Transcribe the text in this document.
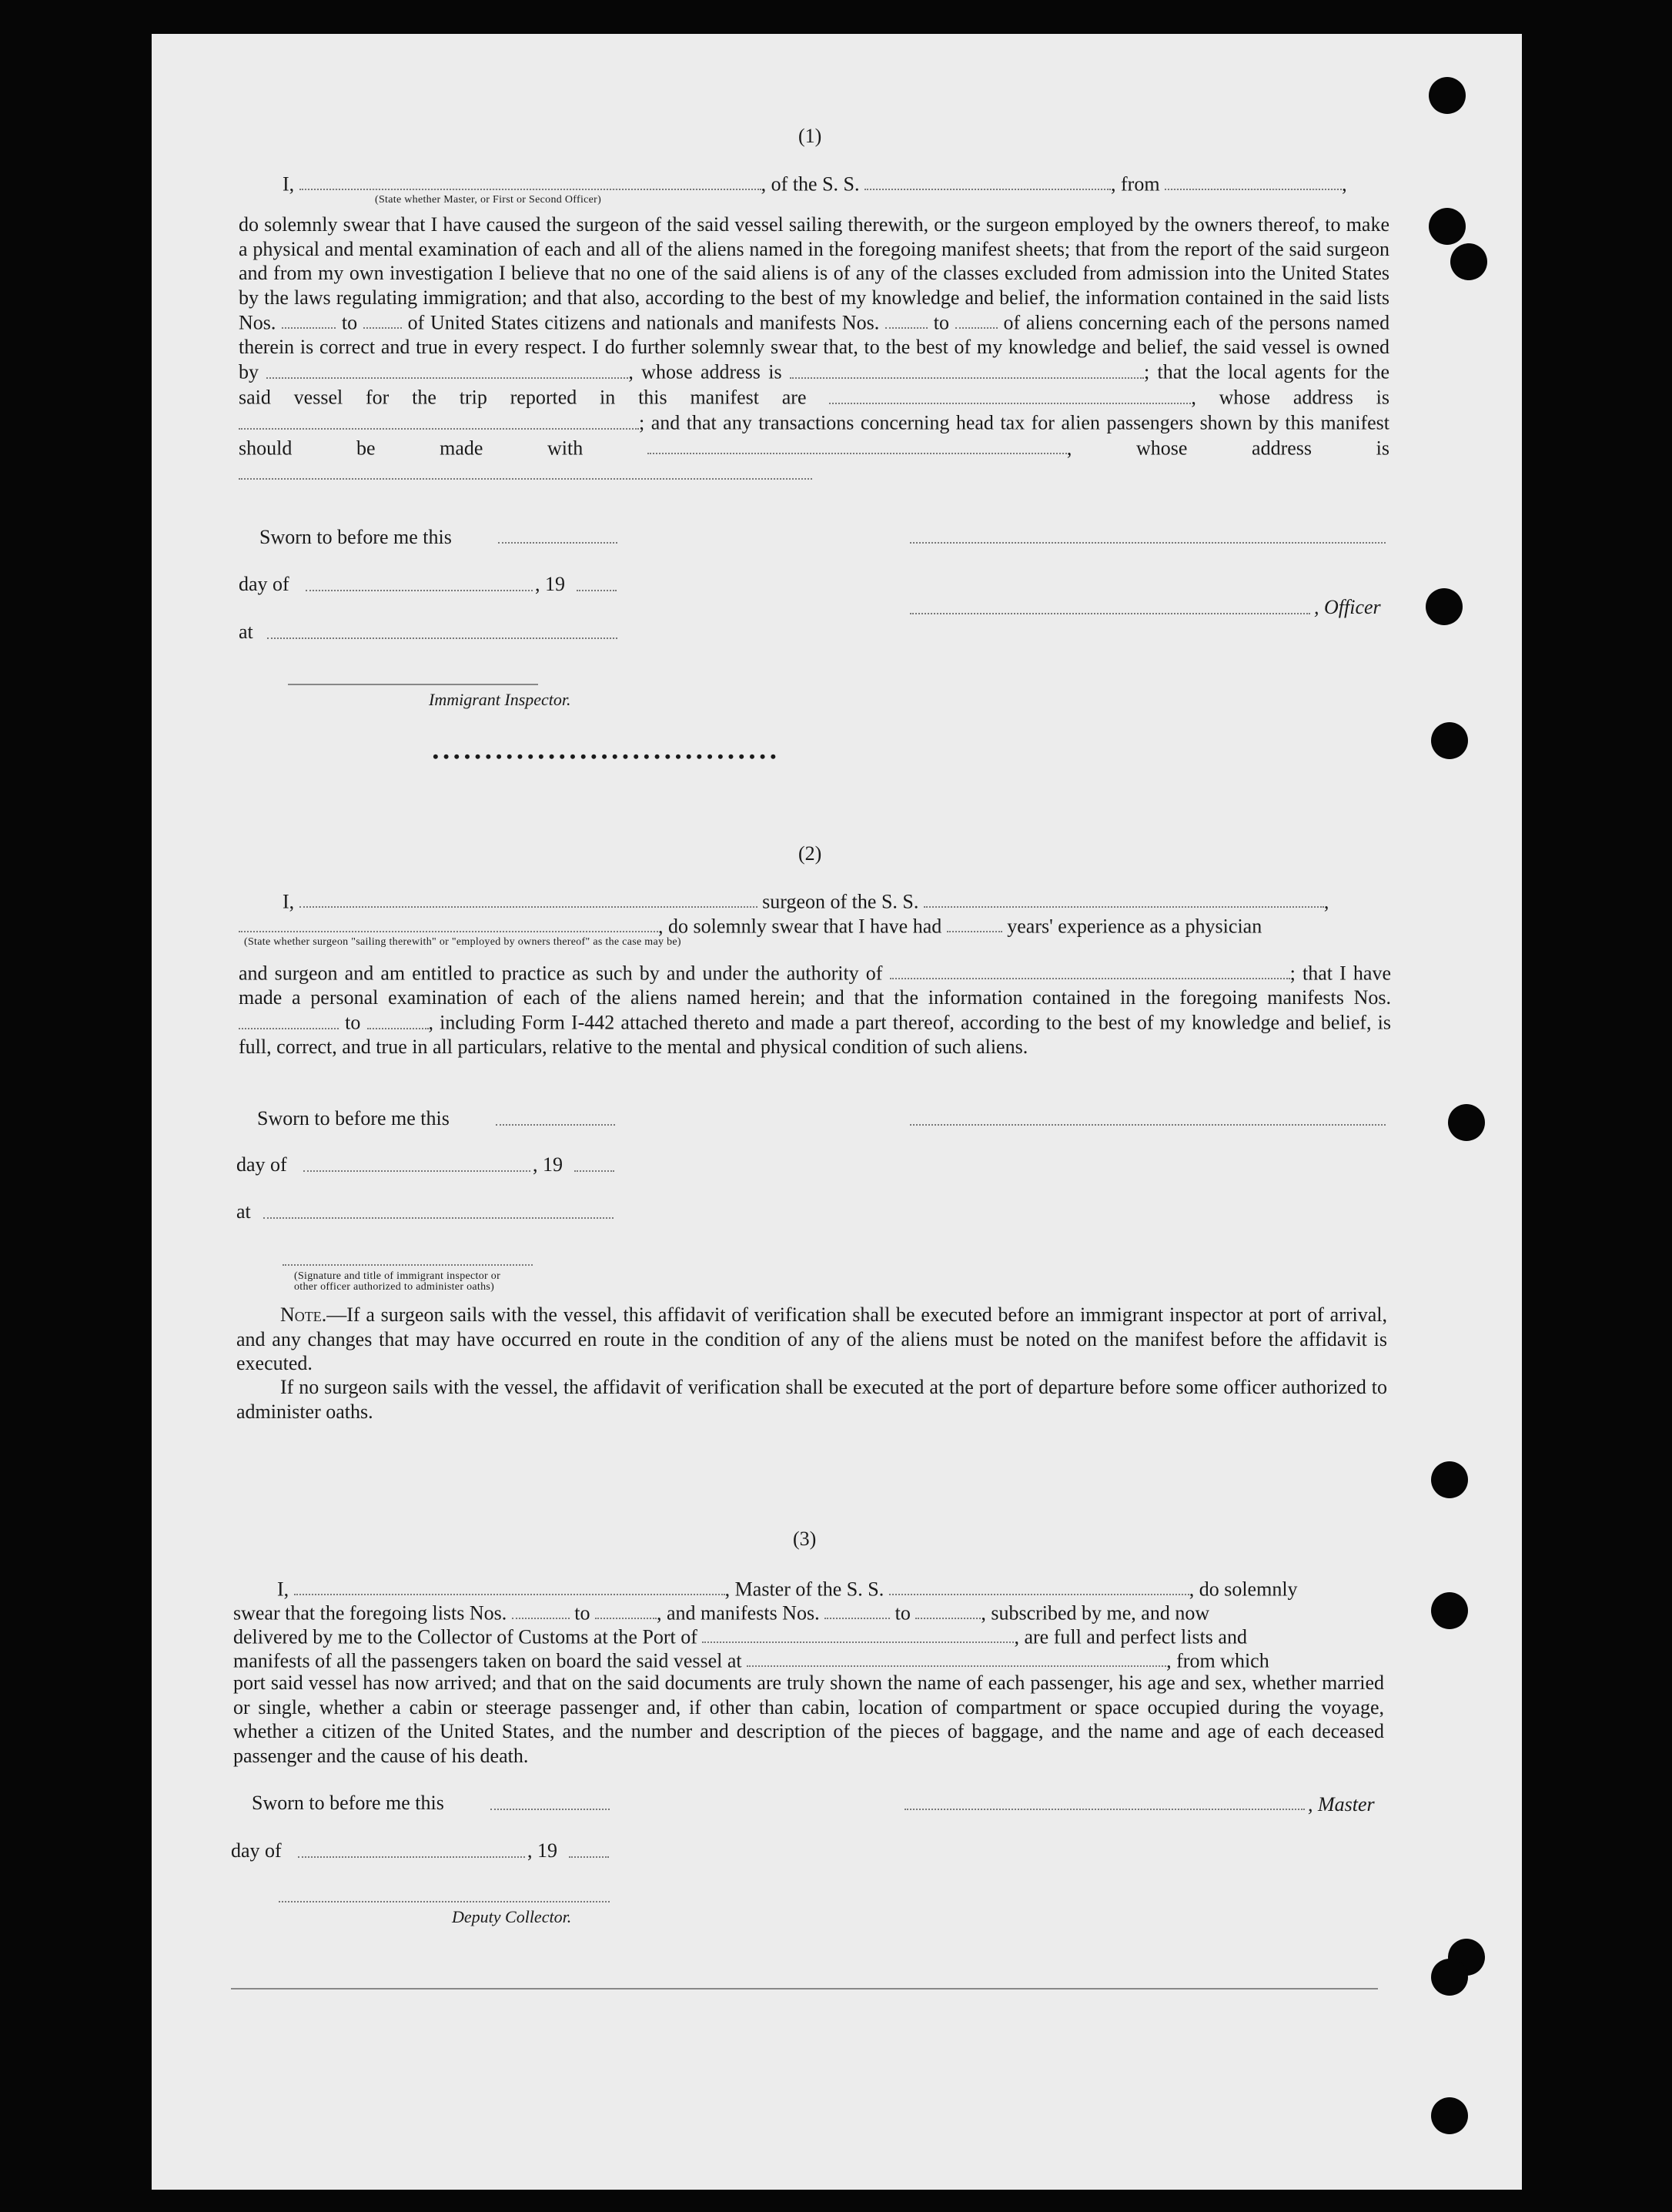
(1)
I,	, of the S. S.	, from	,
(State whether Master, or First or Second Officer)
do solemnly swear that I have caused the surgeon of the said vessel sailing therewith, or the surgeon employed by the owners thereof, to make a physical and mental examination of each and all of the aliens named in the foregoing manifest sheets; that from the report of the said surgeon and from my own investigation I believe that no one of the said aliens is of any of the classes excluded from admission into the United States by the laws regulating immigration; and that also, according to the best of my knowledge and belief, the information contained in the said lists Nos.	to	of United States citizens and nationals and manifests Nos.	to	of aliens concerning each of the persons named therein is correct and true in every respect. I do further solemnly swear that, to the best of my knowledge and belief, the said vessel is owned by	, whose address is	; that the local agents for the said vessel for the trip reported in this manifest are	, whose address is ; and that any transactions concerning head tax for alien passengers shown by this manifest should be made with	, whose address is
Sworn to before me this
day of	, 19
, Officer
at
Immigrant Inspector.
•••••••••••••••••••••••••••••••••
(2)
I,	surgeon of the S. S.	,
, do solemnly swear that I have had	years' experience as a physician
(State whether surgeon "sailing therewith" or "employed by owners thereof" as the case may be)
and surgeon and am entitled to practice as such by and under the authority of	; that I have made a personal examination of each of the aliens named herein; and that the information contained in the foregoing manifests Nos.  to	, including Form I-442 attached thereto and made a part thereof, according to the best of my knowledge and belief, is full, correct, and true in all particulars, relative to the mental and physical condition of such aliens.
Sworn to before me this
day of	, 19
at
(Signature and title of immigrant inspector or
other officer authorized to administer oaths)
Note.—If a surgeon sails with the vessel, this affidavit of verification shall be executed before an immigrant inspector at port of arrival, and any changes that may have occurred en route in the condition of any of the aliens must be noted on the manifest before the affidavit is executed.
If no surgeon sails with the vessel, the affidavit of verification shall be executed at the port of departure before some officer authorized to administer oaths.
(3)
I,	, Master of the S. S.	, do solemnly
swear that the foregoing lists Nos.	to	, and manifests Nos.	to	, subscribed by me, and now
delivered by me to the Collector of Customs at the Port of	, are full and perfect lists and
manifests of all the passengers taken on board the said vessel at	, from which
port said vessel has now arrived; and that on the said documents are truly shown the name of each passenger, his age and sex, whether married or single, whether a cabin or steerage passenger and, if other than cabin, location of compartment or space occupied during the voyage, whether a citizen of the United States, and the number and description of the pieces of baggage, and the name and age of each deceased passenger and the cause of his death.
Sworn to before me this	, Master
day of	, 19
Deputy Collector.
